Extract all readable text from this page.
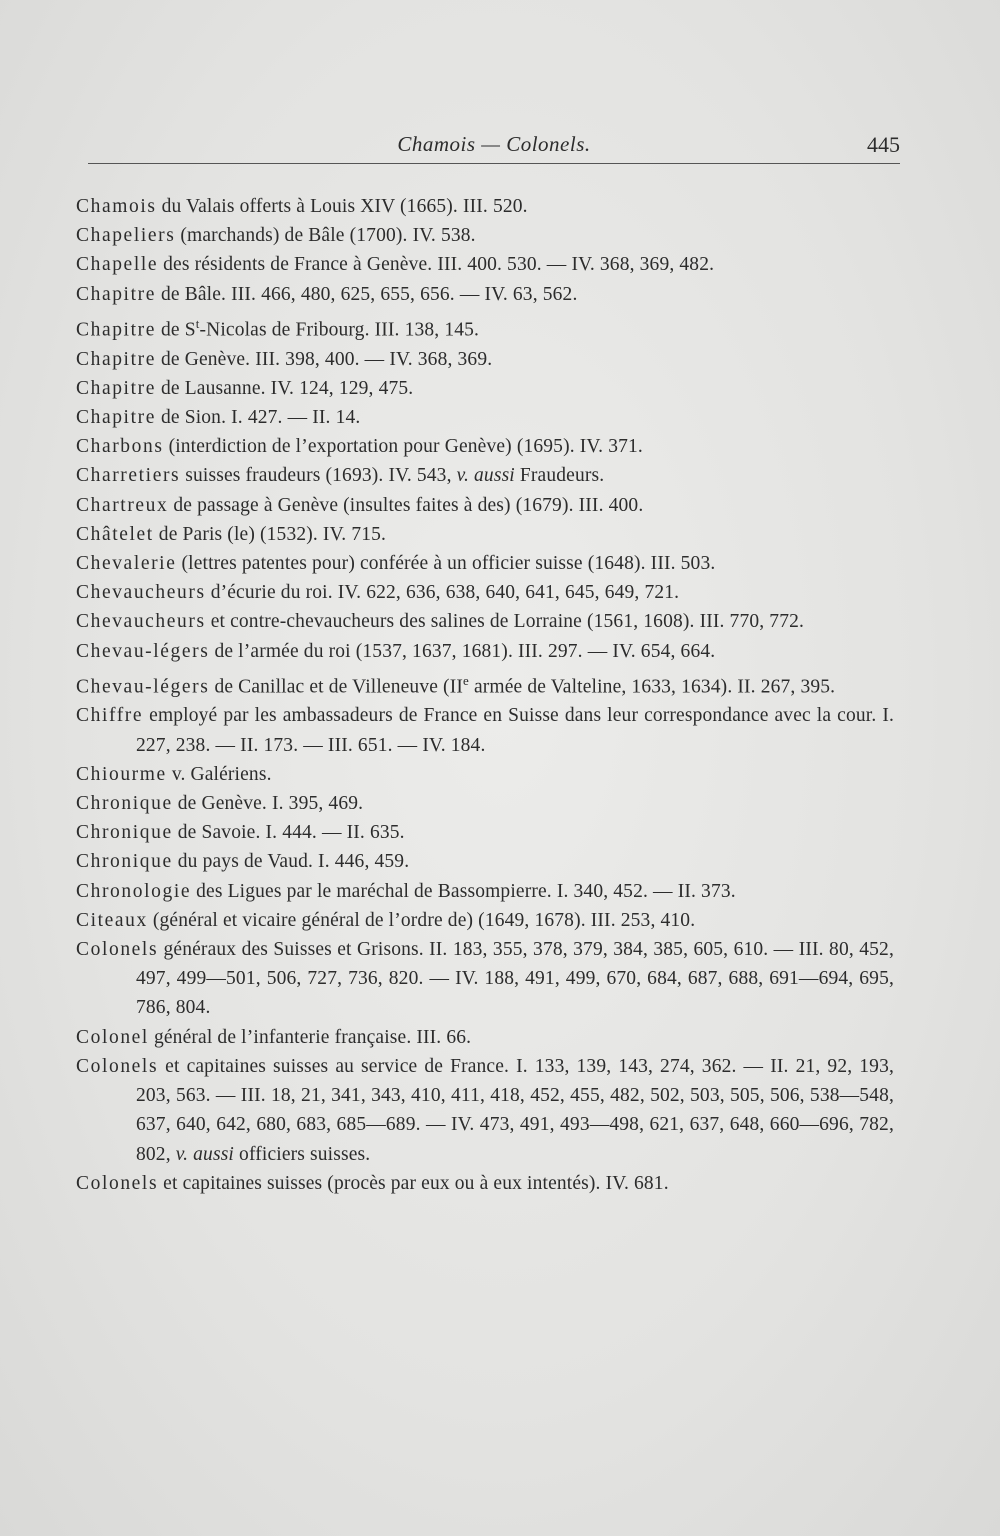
Chamois — Colonels.	445
Chamois du Valais offerts à Louis XIV (1665). III. 520.
Chapeliers (marchands) de Bâle (1700). IV. 538.
Chapelle des résidents de France à Genève. III. 400. 530. — IV. 368, 369, 482.
Chapitre de Bâle. III. 466, 480, 625, 655, 656. — IV. 63, 562.
Chapitre de $S^t$-Nicolas de Fribourg. III. 138, 145.
Chapitre de Genève. III. 398, 400. — IV. 368, 369.
Chapitre de Lausanne. IV. 124, 129, 475.
Chapitre de Sion. I. 427. — II. 14.
Charbons (interdiction de l’exportation pour Genève) (1695). IV. 371.
Charretiers suisses fraudeurs (1693). IV. 543, v. aussi Fraudeurs.
Chartreux de passage à Genève (insultes faites à des) (1679). III. 400.
Châtelet de Paris (le) (1532). IV. 715.
Chevalerie (lettres patentes pour) conférée à un officier suisse (1648). III. 503.
Chevaucheurs d’écurie du roi. IV. 622, 636, 638, 640, 641, 645, 649, 721.
Chevaucheurs et contre-chevaucheurs des salines de Lorraine (1561, 1608). III. 770, 772.
Chevau-légers de l’armée du roi (1537, 1637, 1681). III. 297. — IV. 654, 664.
Chevau-légers de Canillac et de Villeneuve (IIe armée de Valteline, 1633, 1634). II. 267, 395.
Chiffre employé par les ambassadeurs de France en Suisse dans leur correspondance avec la cour. I. 227, 238. — II. 173. — III. 651. — IV. 184.
Chiourme v. Galériens.
Chronique de Genève. I. 395, 469.
Chronique de Savoie. I. 444. — II. 635.
Chronique du pays de Vaud. I. 446, 459.
Chronologie des Ligues par le maréchal de Bassompierre. I. 340, 452. — II. 373.
Citeaux (général et vicaire général de l’ordre de) (1649, 1678). III. 253, 410.
Colonels généraux des Suisses et Grisons. II. 183, 355, 378, 379, 384, 385, 605, 610. — III. 80, 452, 497, 499—501, 506, 727, 736, 820. — IV. 188, 491, 499, 670, 684, 687, 688, 691—694, 695, 786, 804.
Colonel général de l’infanterie française. III. 66.
Colonels et capitaines suisses au service de France. I. 133, 139, 143, 274, 362. — II. 21, 92, 193, 203, 563. — III. 18, 21, 341, 343, 410, 411, 418, 452, 455, 482, 502, 503, 505, 506, 538—548, 637, 640, 642, 680, 683, 685—689. — IV. 473, 491, 493—498, 621, 637, 648, 660—696, 782, 802, v. aussi officiers suisses.
Colonels et capitaines suisses (procès par eux ou à eux intentés). IV. 681.
